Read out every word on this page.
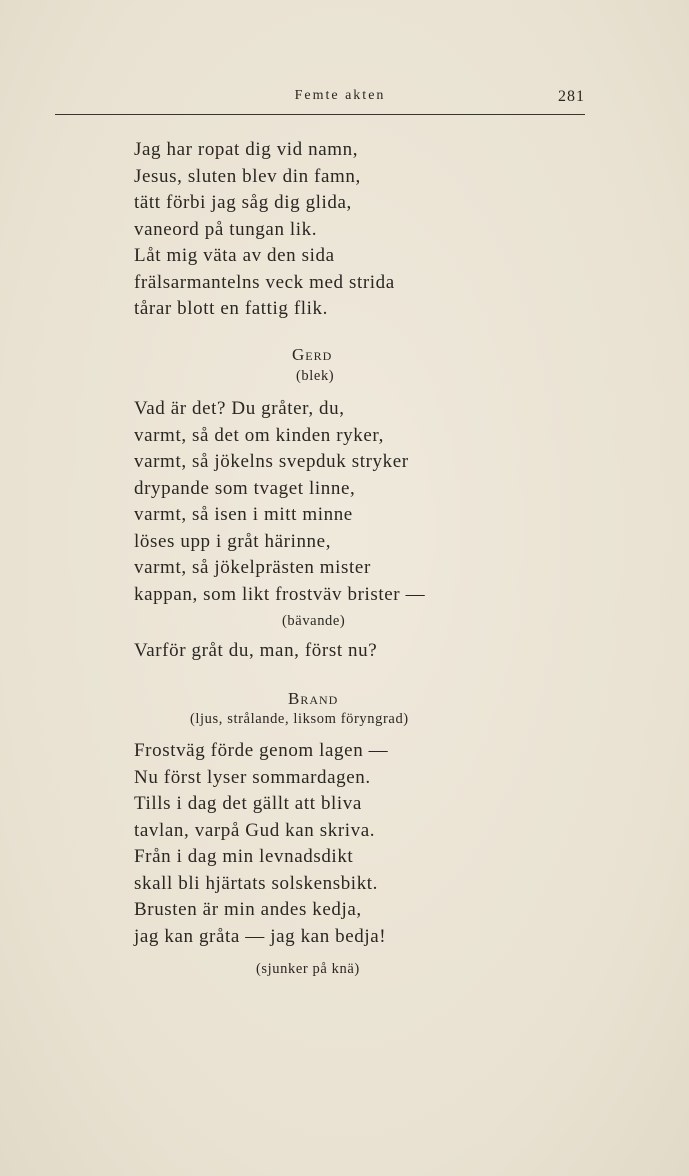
Femte akten	281
Jag har ropat dig vid namn,
Jesus, sluten blev din famn,
tätt förbi jag såg dig glida,
vaneord på tungan lik.
Låt mig väta av den sida
frälsarmantelns veck med strida
tårar blott en fattig flik.
Gerd
(blek)
Vad är det? Du gråter, du,
varmt, så det om kinden ryker,
varmt, så jökelns svepduk stryker
drypande som tvaget linne,
varmt, så isen i mitt minne
löses upp i gråt härinne,
varmt, så jökelprästen mister
kappan, som likt frostväv brister —
(bävande)
Varför gråt du, man, först nu?
Brand
(ljus, strålande, liksom föryngrad)
Frostväg förde genom lagen —
Nu först lyser sommardagen.
Tills i dag det gällt att bliva
tavlan, varpå Gud kan skriva.
Från i dag min levnadsdikt
skall bli hjärtats solskensbikt.
Brusten är min andes kedja,
jag kan gråta — jag kan bedja!
(sjunker på knä)
